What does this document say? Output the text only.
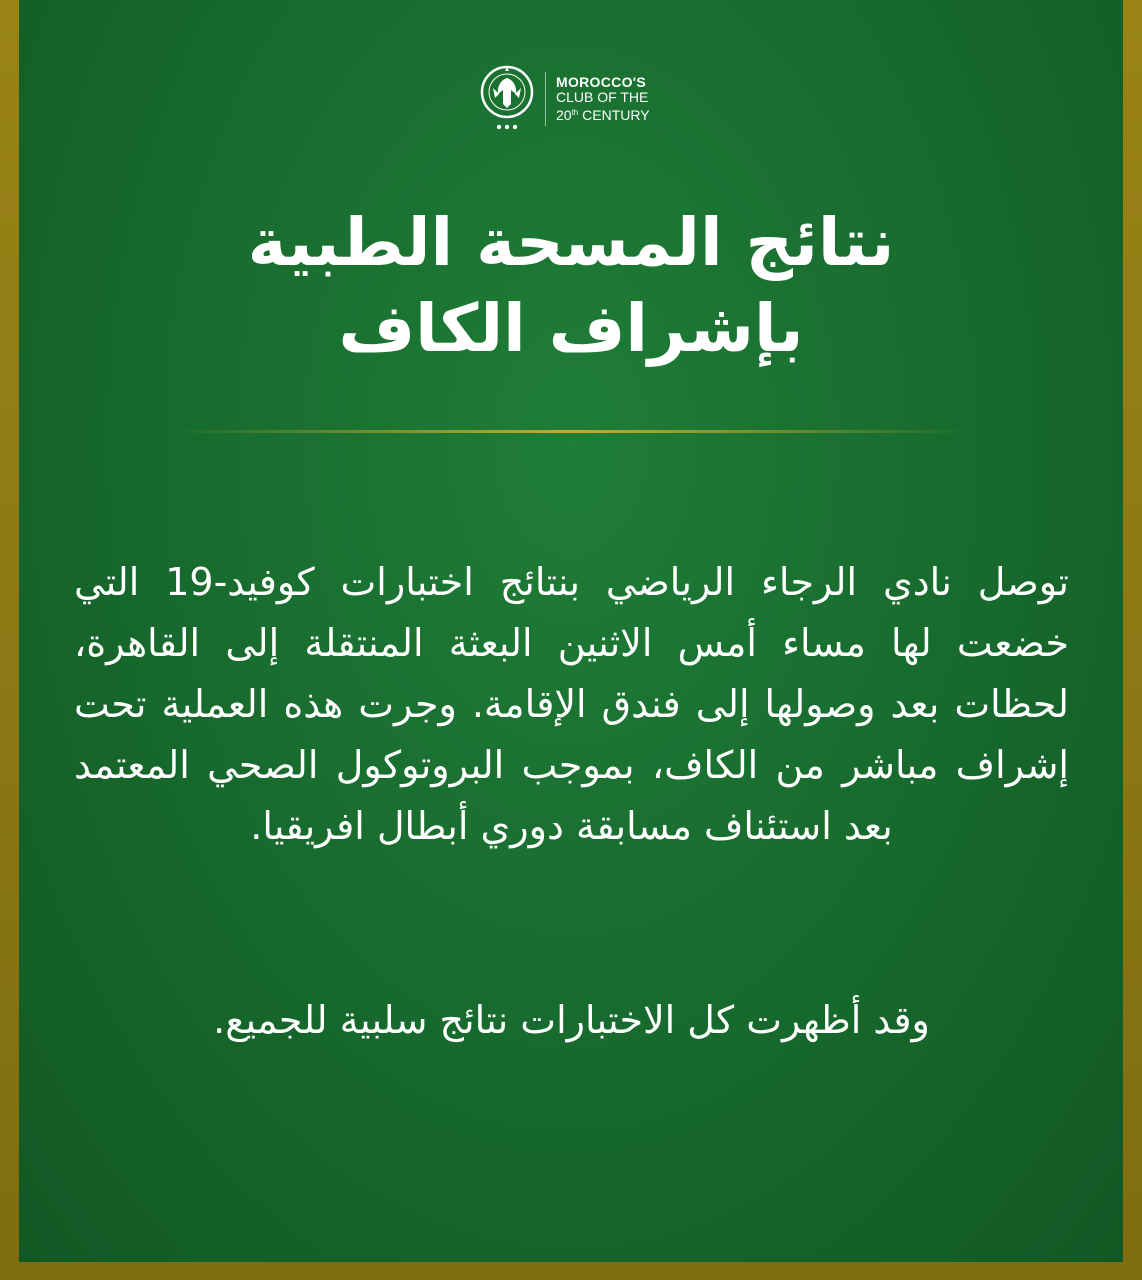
MOROCCO'S
CLUB OF THE
20th CENTURY
نتائج المسحة الطبية
بإشراف الكاف
توصل نادي الرجاء الرياضي بنتائج اختبارات كوفيد-19 التي خضعت لها مساء أمس الاثنين البعثة المنتقلة إلى القاهرة، لحظات بعد وصولها إلى فندق الإقامة. وجرت هذه العملية تحت إشراف مباشر من الكاف، بموجب البروتوكول الصحي المعتمد بعد استئناف مسابقة دوري أبطال افريقيا.
وقد أظهرت كل الاختبارات نتائج سلبية للجميع.
